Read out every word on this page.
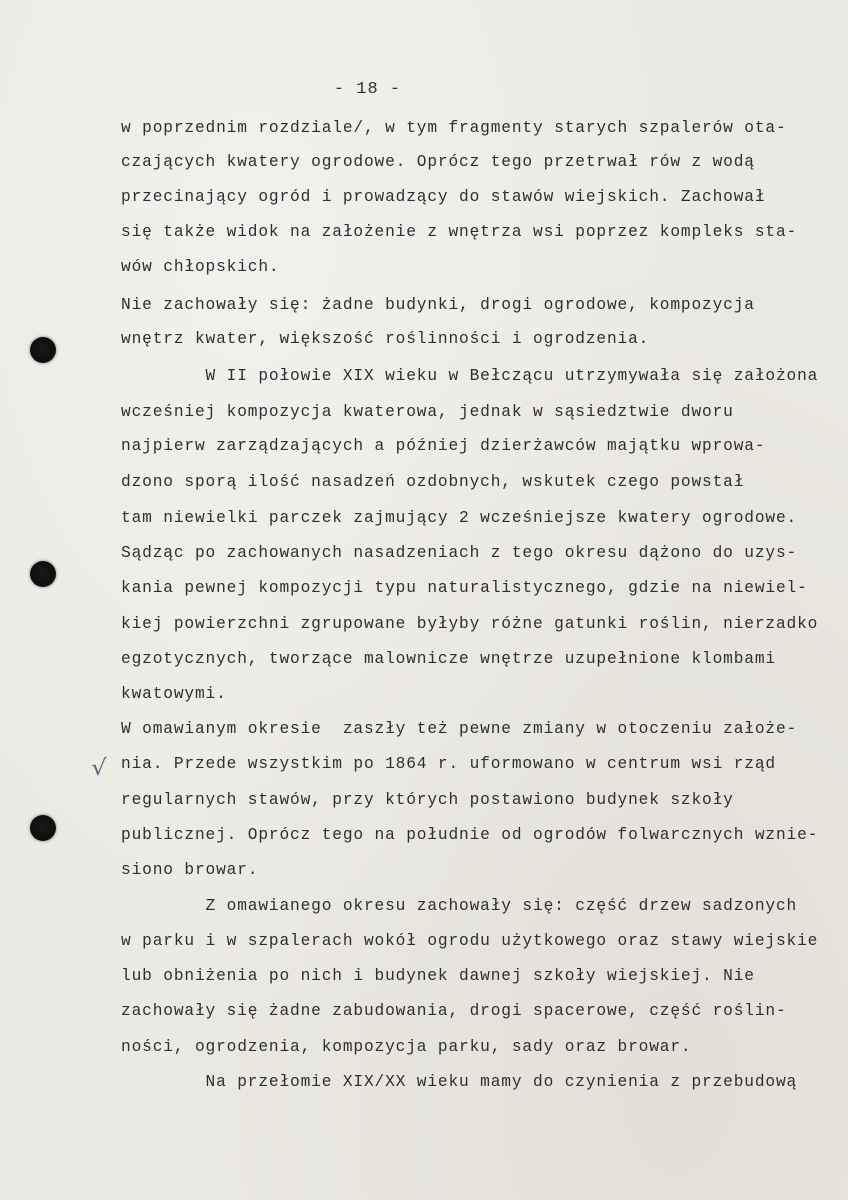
- 18 -
√
w poprzednim rozdziale/, w tym fragmenty starych szpalerów ota-
czających kwatery ogrodowe. Oprócz tego przetrwał rów z wodą
przecinający ogród i prowadzący do stawów wiejskich. Zachował
się także widok na założenie z wnętrza wsi poprzez kompleks sta-
wów chłopskich.
Nie zachowały się: żadne budynki, drogi ogrodowe, kompozycja
wnętrz kwater, większość roślinności i ogrodzenia.
W II połowie XIX wieku w Bełczącu utrzymywała się założona
wcześniej kompozycja kwaterowa, jednak w sąsiedztwie dworu
najpierw zarządzających a później dzierżawców majątku wprowa-
dzono sporą ilość nasadzeń ozdobnych, wskutek czego powstał
tam niewielki parczek zajmujący 2 wcześniejsze kwatery ogrodowe.
Sądząc po zachowanych nasadzeniach z tego okresu dążono do uzys-
kania pewnej kompozycji typu naturalistycznego, gdzie na niewiel-
kiej powierzchni zgrupowane byłyby różne gatunki roślin, nierzadko
egzotycznych, tworzące malownicze wnętrze uzupełnione klombami
kwatowymi.
W omawianym okresie  zaszły też pewne zmiany w otoczeniu założe-
nia. Przede wszystkim po 1864 r. uformowano w centrum wsi rząd
regularnych stawów, przy których postawiono budynek szkoły
publicznej. Oprócz tego na południe od ogrodów folwarcznych wznie-
siono browar.
Z omawianego okresu zachowały się: część drzew sadzonych
w parku i w szpalerach wokół ogrodu użytkowego oraz stawy wiejskie
lub obniżenia po nich i budynek dawnej szkoły wiejskiej. Nie
zachowały się żadne zabudowania, drogi spacerowe, część roślin-
ności, ogrodzenia, kompozycja parku, sady oraz browar.
Na przełomie XIX/XX wieku mamy do czynienia z przebudową
